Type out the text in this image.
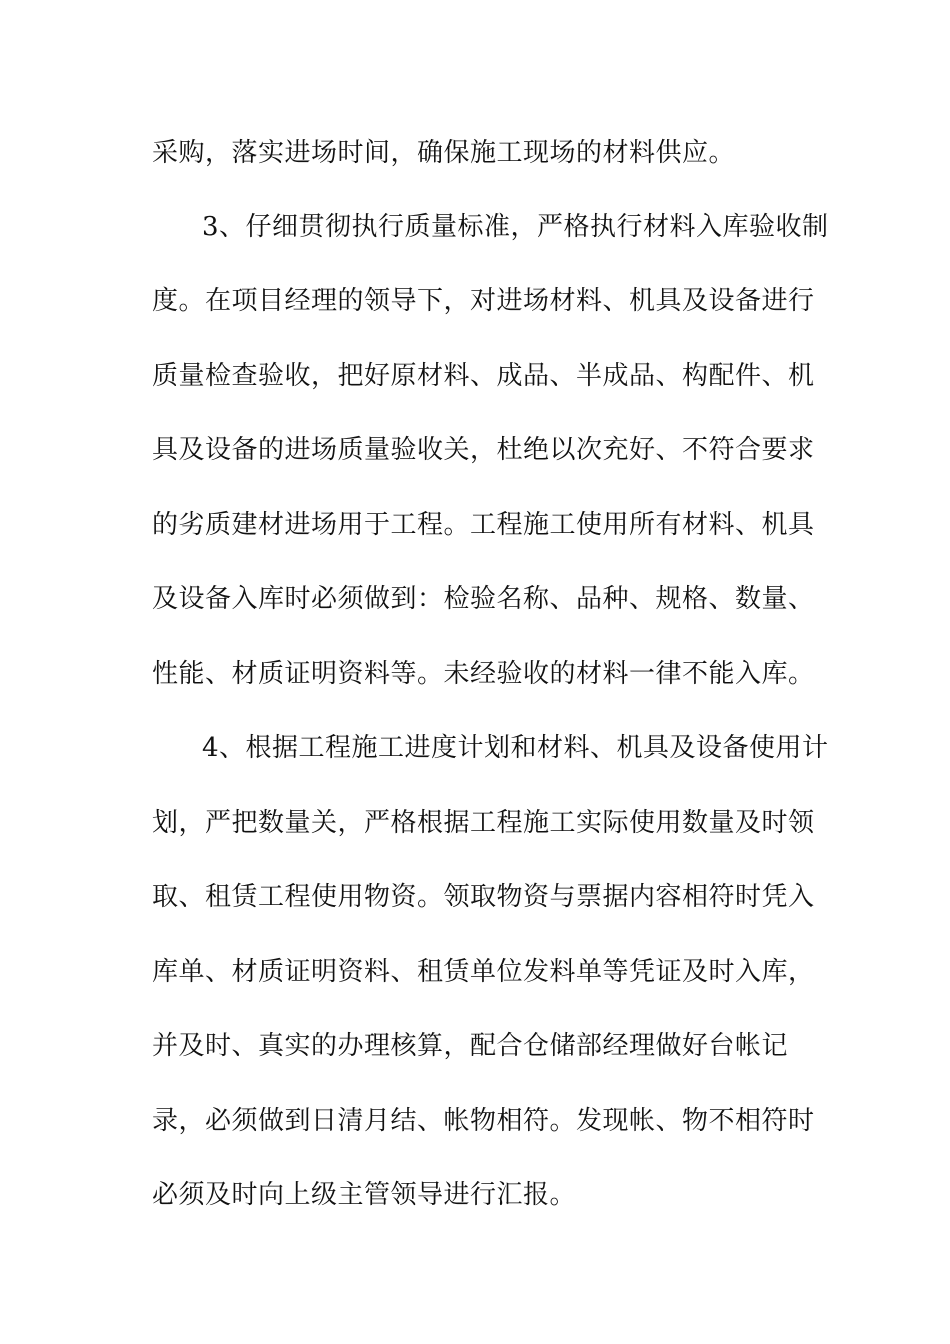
采购，落实进场时间，确保施工现场的材料供应。

3、仔细贯彻执行质量标准，严格执行材料入库验收制

度。在项目经理的领导下，对进场材料、机具及设备进行

质量检查验收，把好原材料、成品、半成品、构配件、机

具及设备的进场质量验收关，杜绝以次充好、不符合要求

的劣质建材进场用于工程。工程施工使用所有材料、机具

及设备入库时必须做到：检验名称、品种、规格、数量、

性能、材质证明资料等。未经验收的材料一律不能入库。

4、根据工程施工进度计划和材料、机具及设备使用计

划，严把数量关，严格根据工程施工实际使用数量及时领

取、租赁工程使用物资。领取物资与票据内容相符时凭入

库单、材质证明资料、租赁单位发料单等凭证及时入库，

并及时、真实的办理核算，配合仓储部经理做好台帐记

录，必须做到日清月结、帐物相符。发现帐、物不相符时

必须及时向上级主管领导进行汇报。
